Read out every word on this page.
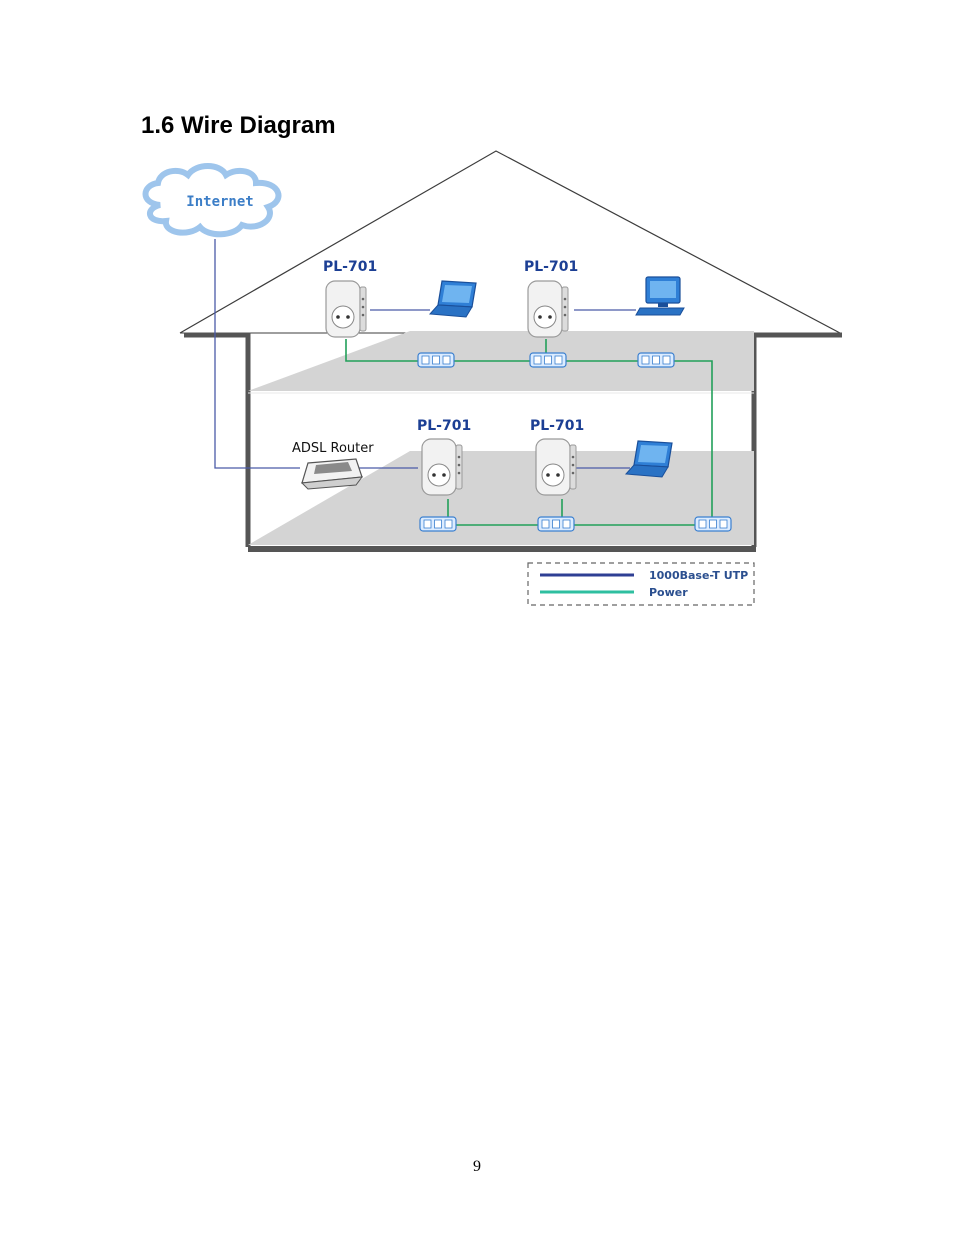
1.6 Wire Diagram
Internet
PL-701	PL-701
ADSL Router
PL-701	PL-701
1000Base-T UTP
Power
9
